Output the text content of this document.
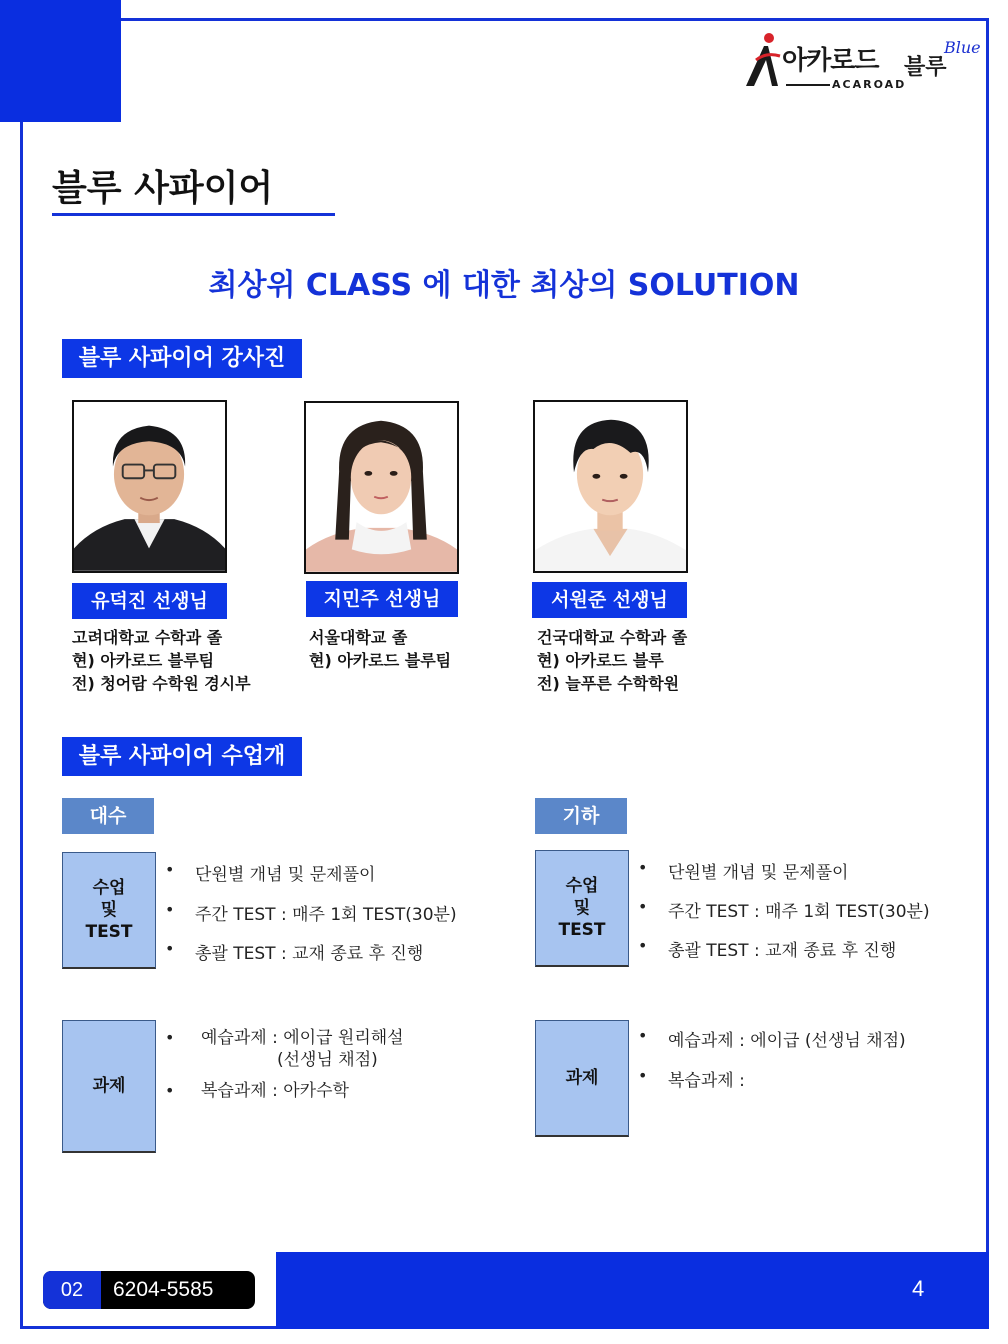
아카로드 블루
Blue
ACAROAD
블루 사파이어
최상위 CLASS 에 대한 최상의 SOLUTION
블루 사파이어 강사진
유덕진 선생님	지민주 선생님	서원준 선생님
고려대학교 수학과 졸
현) 아카로드 블루팀
전) 청어람 수학원 경시부
서울대학교 졸
현) 아카로드 블루팀
건국대학교 수학과 졸
현) 아카로드 블루
전) 늘푸른 수학학원
블루 사파이어 수업개요
대수	기하
수업
및
TEST
• 단원별 개념 및 문제풀이
• 주간 TEST : 매주 1회 TEST(30분)
• 총괄 TEST : 교재 종료 후 진행
수업
및
TEST
• 단원별 개념 및 문제풀이
• 주간 TEST : 매주 1회 TEST(30분)
• 총괄 TEST : 교재 종료 후 진행
과제
• 예습과제 : 에이급 원리해설
(선생님 채점)
• 복습과제 : 아카수학
과제
• 예습과제 : 에이급 (선생님 채점)
• 복습과제 :
4
02	6204-5585
